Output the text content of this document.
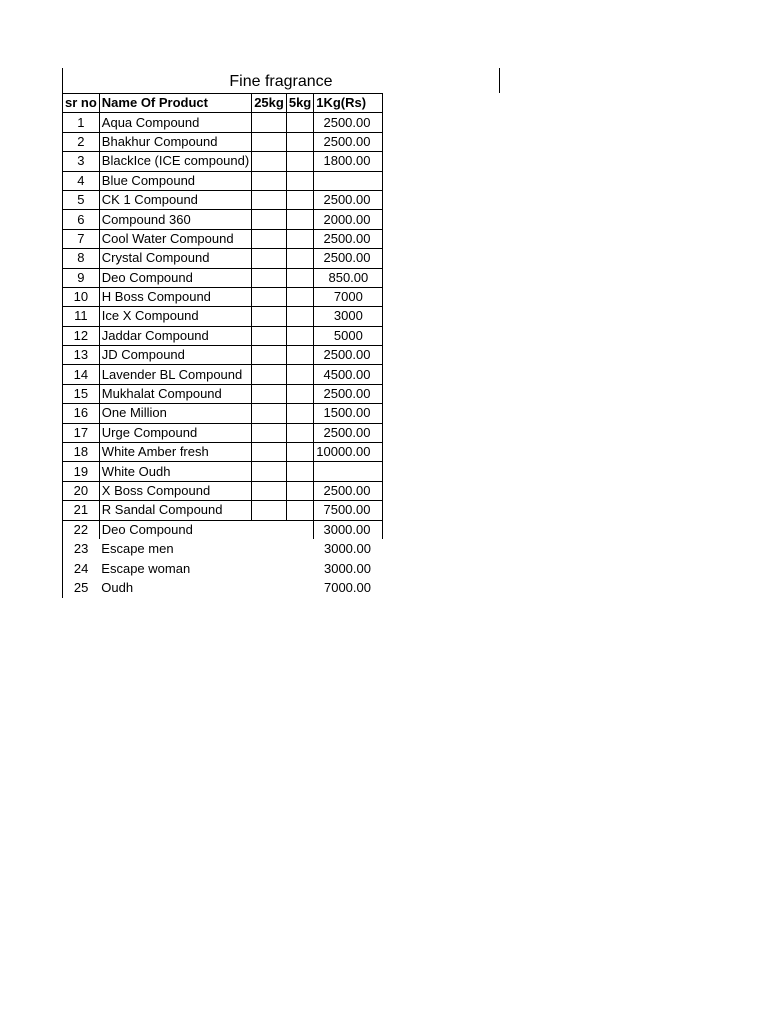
Fine fragrance
sr no	Name Of Product	25kg	5kg	1Kg(Rs)
1	Aqua Compound			2500.00
2	Bhakhur Compound			2500.00
3	BlackIce (ICE compound)			1800.00
4	Blue Compound			
5	CK 1 Compound			2500.00
6	Compound 360			2000.00
7	Cool Water Compound			2500.00
8	Crystal Compound			2500.00
9	Deo Compound			850.00
10	H Boss Compound			7000
11	Ice X Compound			3000
12	Jaddar Compound			5000
13	JD Compound			2500.00
14	Lavender BL Compound			4500.00
15	Mukhalat Compound			2500.00
16	One Million			1500.00
17	Urge Compound			2500.00
18	White Amber fresh			10000.00
19	White Oudh			
20	X Boss Compound			2500.00
21	R Sandal Compound			7500.00
22	Deo Compound			3000.00
23	Escape men			3000.00
24	Escape woman			3000.00
25	Oudh			7000.00
